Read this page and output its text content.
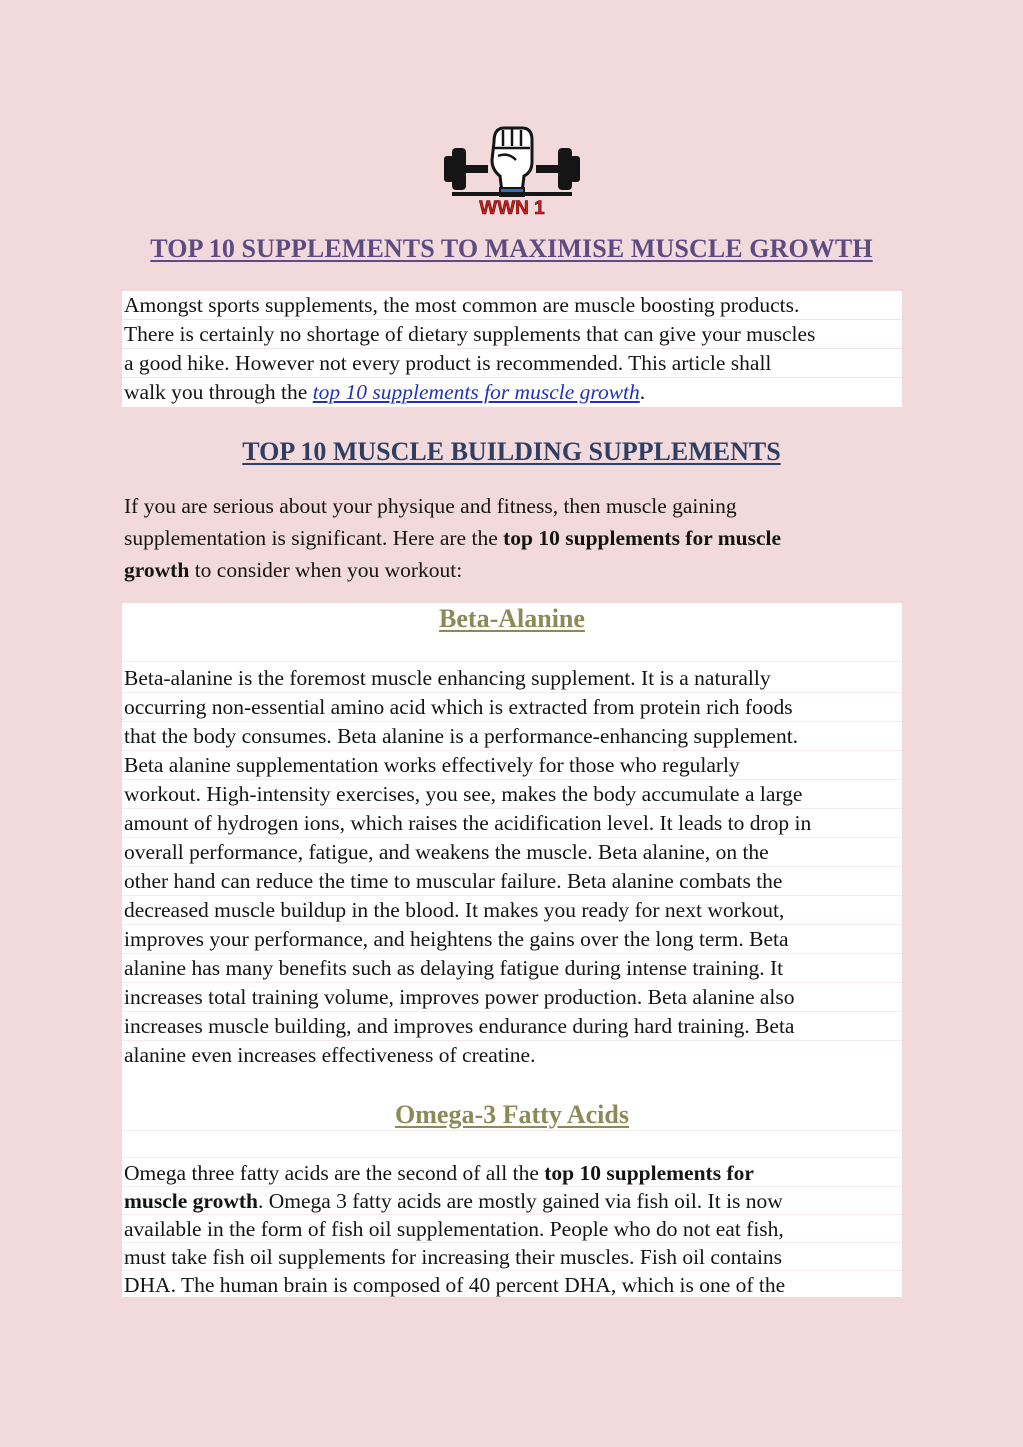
WWN 1
TOP 10 SUPPLEMENTS TO MAXIMISE MUSCLE GROWTH
Amongst sports supplements, the most common are muscle boosting products.
There is certainly no shortage of dietary supplements that can give your muscles
a good hike. However not every product is recommended. This article shall
walk you through the top 10 supplements for muscle growth.
TOP 10 MUSCLE BUILDING SUPPLEMENTS
If you are serious about your physique and fitness, then muscle gaining
supplementation is significant. Here are the top 10 supplements for muscle
growth to consider when you workout:
Beta-Alanine
Beta-alanine is the foremost muscle enhancing supplement. It is a naturally
occurring non-essential amino acid which is extracted from protein rich foods
that the body consumes. Beta alanine is a performance-enhancing supplement.
Beta alanine supplementation works effectively for those who regularly
workout. High-intensity exercises, you see, makes the body accumulate a large
amount of hydrogen ions, which raises the acidification level. It leads to drop in
overall performance, fatigue, and weakens the muscle. Beta alanine, on the
other hand can reduce the time to muscular failure. Beta alanine combats the
decreased muscle buildup in the blood. It makes you ready for next workout,
improves your performance, and heightens the gains over the long term. Beta
alanine has many benefits such as delaying fatigue during intense training. It
increases total training volume, improves power production. Beta alanine also
increases muscle building, and improves endurance during hard training. Beta
alanine even increases effectiveness of creatine.
Omega-3 Fatty Acids
Omega three fatty acids are the second of all the top 10 supplements for
muscle growth. Omega 3 fatty acids are mostly gained via fish oil. It is now
available in the form of fish oil supplementation. People who do not eat fish,
must take fish oil supplements for increasing their muscles. Fish oil contains
DHA. The human brain is composed of 40 percent DHA, which is one of the
